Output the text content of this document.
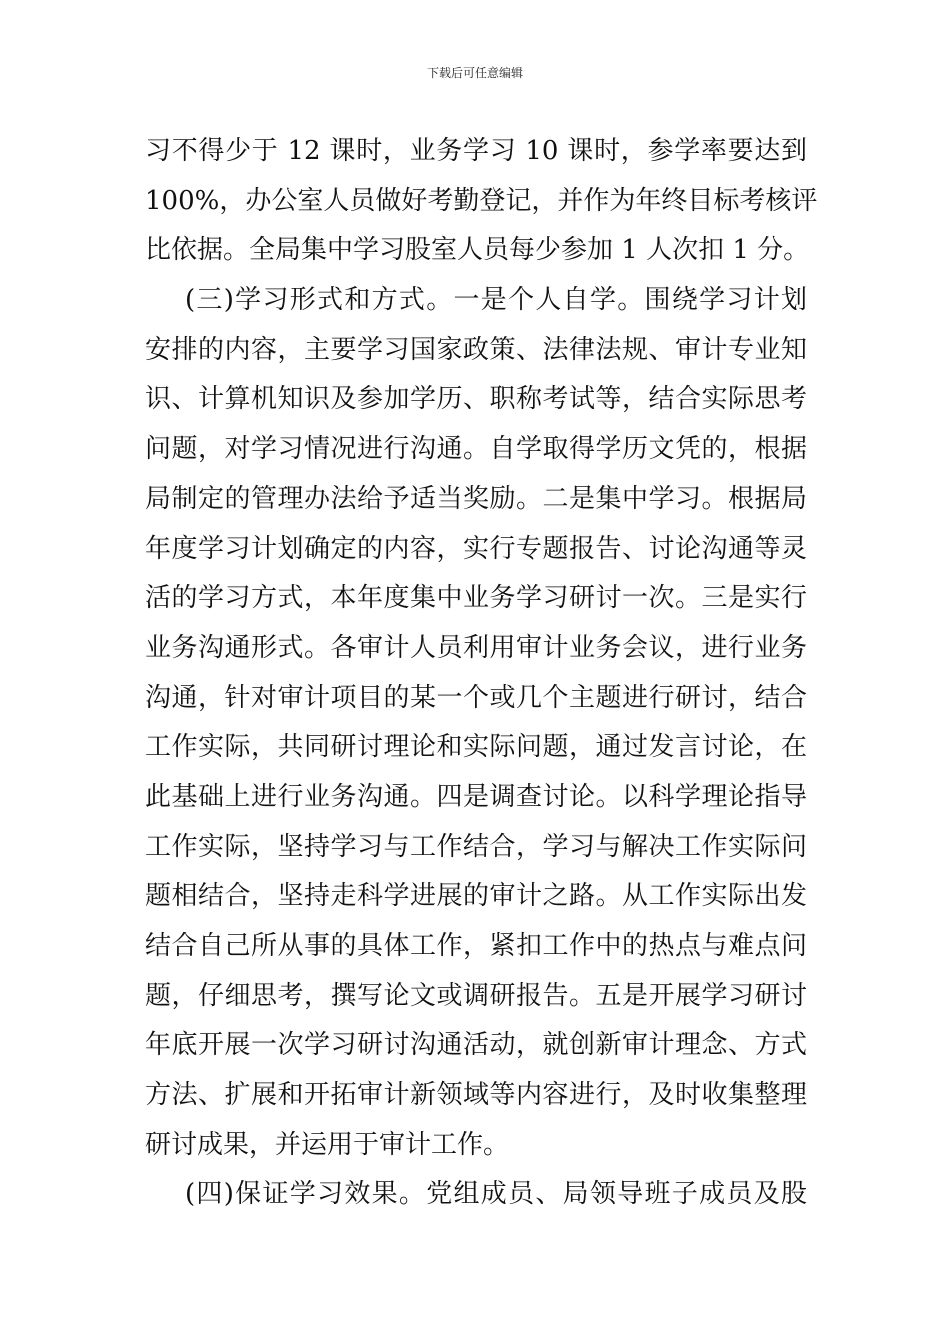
下载后可任意编辑
习不得少于 12 课时，业务学习 10 课时，参学率要达到
100%，办公室人员做好考勤登记，并作为年终目标考核评
比依据。全局集中学习股室人员每少参加 1 人次扣 1 分。
(三)学习形式和方式。一是个人自学。围绕学习计划
安排的内容，主要学习国家政策、法律法规、审计专业知
识、计算机知识及参加学历、职称考试等，结合实际思考
问题，对学习情况进行沟通。自学取得学历文凭的，根据
局制定的管理办法给予适当奖励。二是集中学习。根据局
年度学习计划确定的内容，实行专题报告、讨论沟通等灵
活的学习方式，本年度集中业务学习研讨一次。三是实行
业务沟通形式。各审计人员利用审计业务会议，进行业务
沟通，针对审计项目的某一个或几个主题进行研讨，结合
工作实际，共同研讨理论和实际问题，通过发言讨论，在
此基础上进行业务沟通。四是调查讨论。以科学理论指导
工作实际，坚持学习与工作结合，学习与解决工作实际问
题相结合，坚持走科学进展的审计之路。从工作实际出发
结合自己所从事的具体工作，紧扣工作中的热点与难点问
题，仔细思考，撰写论文或调研报告。五是开展学习研讨
年底开展一次学习研讨沟通活动，就创新审计理念、方式
方法、扩展和开拓审计新领域等内容进行，及时收集整理
研讨成果，并运用于审计工作。
(四)保证学习效果。党组成员、局领导班子成员及股
